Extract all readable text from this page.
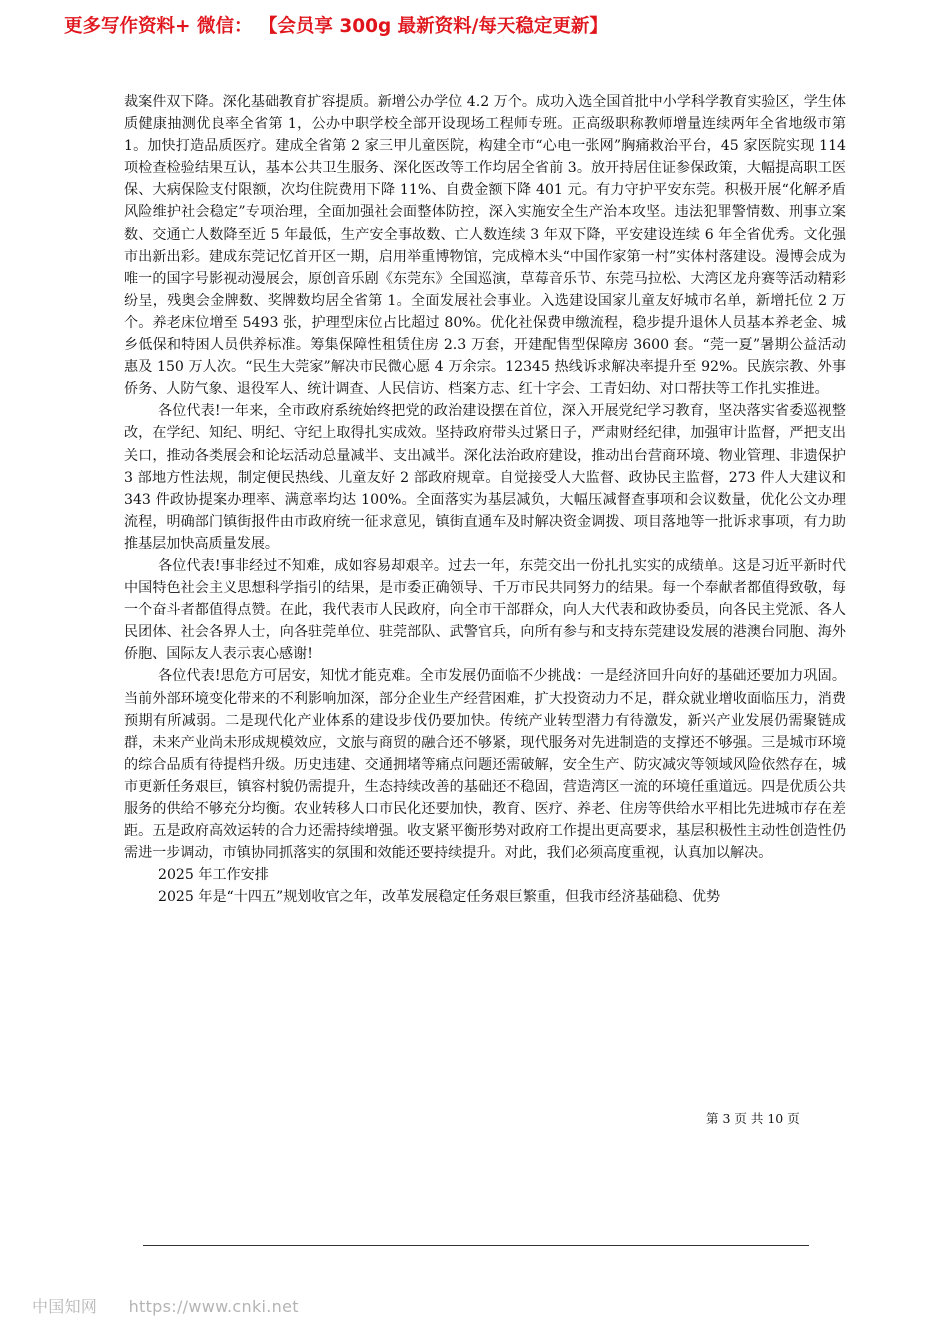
更多写作资料+ 微信： 【会员享 300g 最新资料/每天稳定更新】

裁案件双下降。深化基础教育扩容提质。新增公办学位 4.2 万个。成功入选全国首批中小学科学教育实验区，学生体质健康抽测优良率全省第 1，公办中职学校全部开设现场工程师专班。正高级职称教师增量连续两年全省地级市第 1。加快打造品质医疗。建成全省第 2 家三甲儿童医院，构建全市“心电一张网”胸痛救治平台，45 家医院实现 114 项检查检验结果互认，基本公共卫生服务、深化医改等工作均居全省前 3。放开持居住证参保政策，大幅提高职工医保、大病保险支付限额，次均住院费用下降 11%、自费金额下降 401 元。有力守护平安东莞。积极开展“化解矛盾风险维护社会稳定”专项治理，全面加强社会面整体防控，深入实施安全生产治本攻坚。违法犯罪警情数、刑事立案数、交通亡人数降至近 5 年最低，生产安全事故数、亡人数连续 3 年双下降，平安建设连续 6 年全省优秀。文化强市出新出彩。建成东莞记忆首开区一期，启用举重博物馆，完成樟木头“中国作家第一村”实体村落建设。漫博会成为唯一的国字号影视动漫展会，原创音乐剧《东莞东》全国巡演，草莓音乐节、东莞马拉松、大湾区龙舟赛等活动精彩纷呈，残奥会金牌数、奖牌数均居全省第 1。全面发展社会事业。入选建设国家儿童友好城市名单，新增托位 2 万个。养老床位增至 5493 张，护理型床位占比超过 80%。优化社保费申缴流程，稳步提升退休人员基本养老金、城乡低保和特困人员供养标准。筹集保障性租赁住房 2.3 万套，开建配售型保障房 3600 套。“莞一夏”暑期公益活动惠及 150 万人次。“民生大莞家”解决市民微心愿 4 万余宗。12345 热线诉求解决率提升至 92%。民族宗教、外事侨务、人防气象、退役军人、统计调查、人民信访、档案方志、红十字会、工青妇幼、对口帮扶等工作扎实推进。

各位代表!一年来，全市政府系统始终把党的政治建设摆在首位，深入开展党纪学习教育，坚决落实省委巡视整改，在学纪、知纪、明纪、守纪上取得扎实成效。坚持政府带头过紧日子，严肃财经纪律，加强审计监督，严把支出关口，推动各类展会和论坛活动总量减半、支出减半。深化法治政府建设，推动出台营商环境、物业管理、非遗保护 3 部地方性法规，制定便民热线、儿童友好 2 部政府规章。自觉接受人大监督、政协民主监督，273 件人大建议和 343 件政协提案办理率、满意率均达 100%。全面落实为基层减负，大幅压减督查事项和会议数量，优化公文办理流程，明确部门镇街报件由市政府统一征求意见，镇街直通车及时解决资金调拨、项目落地等一批诉求事项，有力助推基层加快高质量发展。

各位代表!事非经过不知难，成如容易却艰辛。过去一年，东莞交出一份扎扎实实的成绩单。这是习近平新时代中国特色社会主义思想科学指引的结果，是市委正确领导、千万市民共同努力的结果。每一个奉献者都值得致敬，每一个奋斗者都值得点赞。在此，我代表市人民政府，向全市干部群众，向人大代表和政协委员，向各民主党派、各人民团体、社会各界人士，向各驻莞单位、驻莞部队、武警官兵，向所有参与和支持东莞建设发展的港澳台同胞、海外侨胞、国际友人表示衷心感谢!

各位代表!思危方可居安，知忧才能克难。全市发展仍面临不少挑战：一是经济回升向好的基础还要加力巩固。当前外部环境变化带来的不利影响加深，部分企业生产经营困难，扩大投资动力不足，群众就业增收面临压力，消费预期有所减弱。二是现代化产业体系的建设步伐仍要加快。传统产业转型潜力有待激发，新兴产业发展仍需聚链成群，未来产业尚未形成规模效应，文旅与商贸的融合还不够紧，现代服务对先进制造的支撑还不够强。三是城市环境的综合品质有待提档升级。历史违建、交通拥堵等痛点问题还需破解，安全生产、防灾减灾等领域风险依然存在，城市更新任务艰巨，镇容村貌仍需提升，生态持续改善的基础还不稳固，营造湾区一流的环境任重道远。四是优质公共服务的供给不够充分均衡。农业转移人口市民化还要加快，教育、医疗、养老、住房等供给水平相比先进城市存在差距。五是政府高效运转的合力还需持续增强。收支紧平衡形势对政府工作提出更高要求，基层积极性主动性创造性仍需进一步调动，市镇协同抓落实的氛围和效能还要持续提升。对此，我们必须高度重视，认真加以解决。

2025 年工作安排

2025 年是“十四五”规划收官之年，改革发展稳定任务艰巨繁重，但我市经济基础稳、优势

第 3 页 共 10 页
中国知网 https://www.cnki.net
